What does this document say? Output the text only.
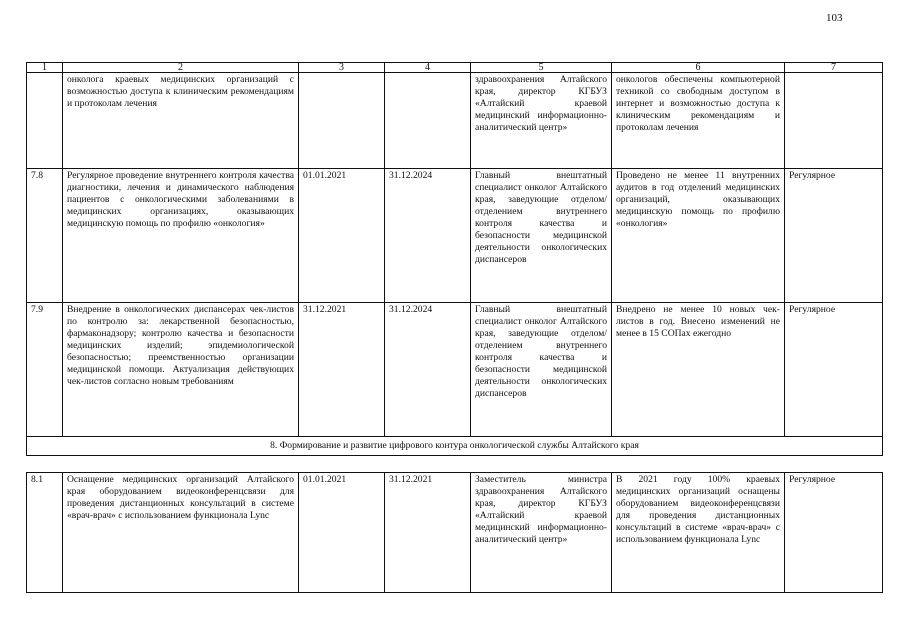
103
1	2	3	4	5	6	7
	онколога краевых медицинских организаций с возможностью доступа к клиническим рекомендациям и протоколам лечения			здравоохранения Алтайского края, директор КГБУЗ «Алтайский краевой медицинский информационно-аналитический центр»	онкологов обеспечены компьютерной техникой со свободным доступом в интернет и возможностью доступа к клиническим рекомендациям и протоколам лечения	
7.8	Регулярное проведение внутреннего контроля качества диагностики, лечения и динамического наблюдения пациентов с онкологическими заболеваниями в медицинских организациях, оказывающих медицинскую помощь по профилю «онкология»	01.01.2021	31.12.2024	Главный внештатный специалист онколог Алтайского края, заведующие отделом/отделением внутреннего контроля качества и безопасности медицинской деятельности онкологических диспансеров	Проведено не менее 11 внутренних аудитов в год отделений медицинских организаций, оказывающих медицинскую помощь по профилю «онкология»	Регулярное
7.9	Внедрение в онкологических диспансерах чек-листов по контролю за: лекарственной безопасностью, фармаконадзору; контролю качества и безопасности медицинских изделий; эпидемиологической безопасностью; преемственностью организации медицинской помощи. Актуализация действующих чек-листов согласно новым требованиям	31.12.2021	31.12.2024	Главный внештатный специалист онколог Алтайского края, заведующие отделом/отделением внутреннего контроля качества и безопасности медицинской деятельности онкологических диспансеров	Внедрено не менее 10 новых чек-листов в год. Внесено изменений не менее в 15 СОПах ежегодно	Регулярное
8. Формирование и развитие цифрового контура онкологической службы Алтайского края						

8.1	Оснащение медицинских организаций Алтайского края оборудованием видеоконференцсвязи для проведения дистанционных консультаций в системе «врач-врач» с использованием функционала Lync	01.01.2021	31.12.2021	Заместитель министра здравоохранения Алтайского края, директор КГБУЗ «Алтайский краевой медицинский информационно-аналитический центр»	В 2021 году 100% краевых медицинских организаций оснащены оборудованием видеоконференцсвязи для проведения дистанционных консультаций в системе «врач-врач» с использованием функционала Lync	Регулярное
